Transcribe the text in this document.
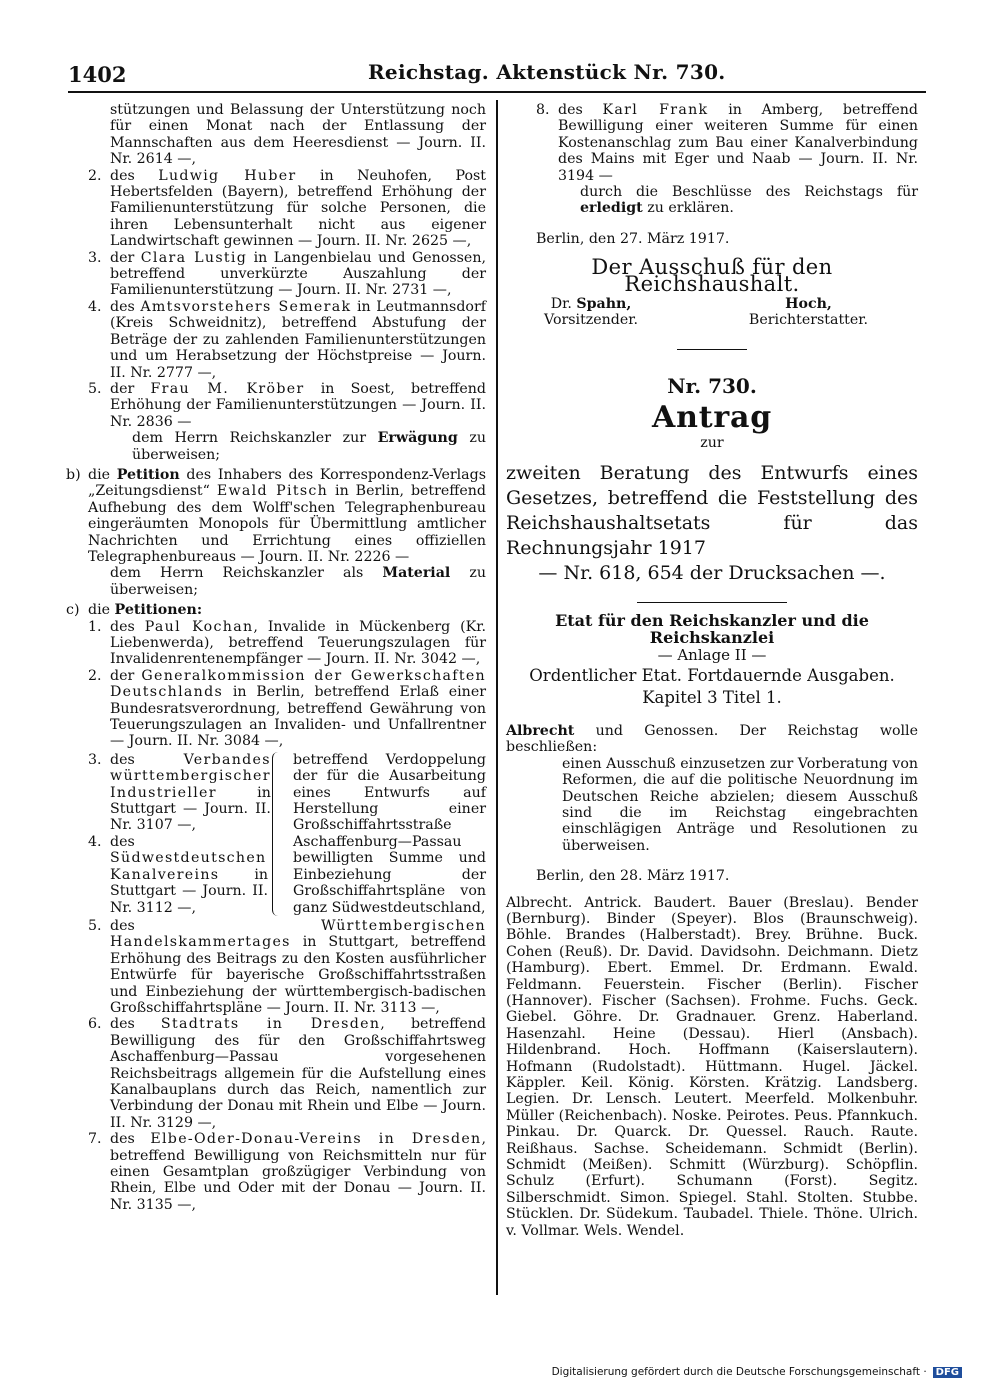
1402	Reichstag. Aktenstück Nr. 730.

stützungen und Belassung der Unterstützung noch für einen Monat nach der Entlassung der Mannschaften aus dem Heeresdienst — Journ. II. Nr. 2614 —,

2. des Ludwig Huber in Neuhofen, Post Hebertsfelden (Bayern), betreffend Erhöhung der Familienunterstützung für solche Personen, die ihren Lebensunterhalt nicht aus eigener Landwirtschaft gewinnen — Journ. II. Nr. 2625 —,
3. der Clara Lustig in Langenbielau und Genossen, betreffend unverkürzte Auszahlung der Familienunterstützung — Journ. II. Nr. 2731 —,
4. des Amtsvorstehers Semerak in Leutmannsdorf (Kreis Schweidnitz), betreffend Abstufung der Beträge der zu zahlenden Familienunterstützungen und um Herabsetzung der Höchstpreise — Journ. II. Nr. 2777 —,
5. der Frau M. Kröber in Soest, betreffend Erhöhung der Familienunterstützungen — Journ. II. Nr. 2836 —

dem Herrn Reichskanzler zur Erwägung zu überweisen;

b) die Petition des Inhabers des Korrespondenz-Verlags „Zeitungsdienst“ Ewald Pitsch in Berlin, betreffend Aufhebung des dem Wolff'schen Telegraphenbureau eingeräumten Monopols für Übermittlung amtlicher Nachrichten und Errichtung eines offiziellen Telegraphenbureaus — Journ. II. Nr. 2226 —

dem Herrn Reichskanzler als Material zu überweisen;

c) die Petitionen:
1. des Paul Kochan, Invalide in Mückenberg (Kr. Liebenwerda), betreffend Teuerungszulagen für Invalidenrentenempfänger — Journ. II. Nr. 3042 —,
2. der Generalkommission der Gewerkschaften Deutschlands in Berlin, betreffend Erlaß einer Bundesratsverordnung, betreffend Gewährung von Teuerungszulagen an Invaliden- und Unfallrentner — Journ. II. Nr. 3084 —,
3. des Verbandes württembergischer Industrieller in Stuttgart — Journ. II. Nr. 3107 —,
4. des Südwestdeutschen Kanalvereins in Stuttgart — Journ. II. Nr. 3112 —,
betreffend Verdoppelung der für die Ausarbeitung eines Entwurfs auf Herstellung einer Großschiffahrtsstraße Aschaffenburg—Passau bewilligten Summe und Einbeziehung der Großschiffahrtspläne von ganz Südwestdeutschland,
5. des Württembergischen Handelskammertages in Stuttgart, betreffend Erhöhung des Beitrags zu den Kosten ausführlicher Entwürfe für bayerische Großschiffahrtsstraßen und Einbeziehung der württembergisch-badischen Großschiffahrtspläne — Journ. II. Nr. 3113 —,
6. des Stadtrats in Dresden, betreffend Bewilligung des für den Großschiffahrtsweg Aschaffenburg—Passau vorgesehenen Reichsbeitrags allgemein für die Aufstellung eines Kanalbauplans durch das Reich, namentlich zur Verbindung der Donau mit Rhein und Elbe — Journ. II. Nr. 3129 —,
7. des Elbe-Oder-Donau-Vereins in Dresden, betreffend Bewilligung von Reichsmitteln nur für einen Gesamtplan großzügiger Verbindung von Rhein, Elbe und Oder mit der Donau — Journ. II. Nr. 3135 —,
8. des Karl Frank in Amberg, betreffend Bewilligung einer weiteren Summe für einen Kostenanschlag zum Bau einer Kanalverbindung des Mains mit Eger und Naab — Journ. II. Nr. 3194 —

durch die Beschlüsse des Reichstags für erledigt zu erklären.

Berlin, den 27. März 1917.

Der Ausschuß für den Reichshaushalt.
Dr. Spahn,
Vorsitzender.
Hoch,
Berichterstatter.
Nr. 730.
Antrag
zur

zweiten Beratung des Entwurfs eines Gesetzes, betreffend die Feststellung des Reichshaushaltsetats für das Rechnungsjahr 1917

— Nr. 618, 654 der Drucksachen —.

Etat für den Reichskanzler und die Reichskanzlei
— Anlage II —
Ordentlicher Etat. Fortdauernde Ausgaben.
Kapitel 3 Titel 1.

Albrecht und Genossen. Der Reichstag wolle beschließen:

einen Ausschuß einzusetzen zur Vorberatung von Reformen, die auf die politische Neuordnung im Deutschen Reiche abzielen; diesem Ausschuß sind die im Reichstag eingebrachten einschlägigen Anträge und Resolutionen zu überweisen.

Berlin, den 28. März 1917.

Albrecht. Antrick. Baudert. Bauer (Breslau). Bender (Bernburg). Binder (Speyer). Blos (Braunschweig). Böhle. Brandes (Halberstadt). Brey. Brühne. Buck. Cohen (Reuß). Dr. David. Davidsohn. Deichmann. Dietz (Hamburg). Ebert. Emmel. Dr. Erdmann. Ewald. Feldmann. Feuerstein. Fischer (Berlin). Fischer (Hannover). Fischer (Sachsen). Frohme. Fuchs. Geck. Giebel. Göhre. Dr. Gradnauer. Grenz. Haberland. Hasenzahl. Heine (Dessau). Hierl (Ansbach). Hildenbrand. Hoch. Hoffmann (Kaiserslautern). Hofmann (Rudolstadt). Hüttmann. Hugel. Jäckel. Käppler. Keil. König. Körsten. Krätzig. Landsberg. Legien. Dr. Lensch. Leutert. Meerfeld. Molkenbuhr. Müller (Reichenbach). Noske. Peirotes. Peus. Pfannkuch. Pinkau. Dr. Quarck. Dr. Quessel. Rauch. Raute. Reißhaus. Sachse. Scheidemann. Schmidt (Berlin). Schmidt (Meißen). Schmitt (Würzburg). Schöpflin. Schulz (Erfurt). Schumann (Forst). Segitz. Silberschmidt. Simon. Spiegel. Stahl. Stolten. Stubbe. Stücklen. Dr. Südekum. Taubadel. Thiele. Thöne. Ulrich. v. Vollmar. Wels. Wendel.

Digitalisierung gefördert durch die Deutsche Forschungsgemeinschaft · DFG
